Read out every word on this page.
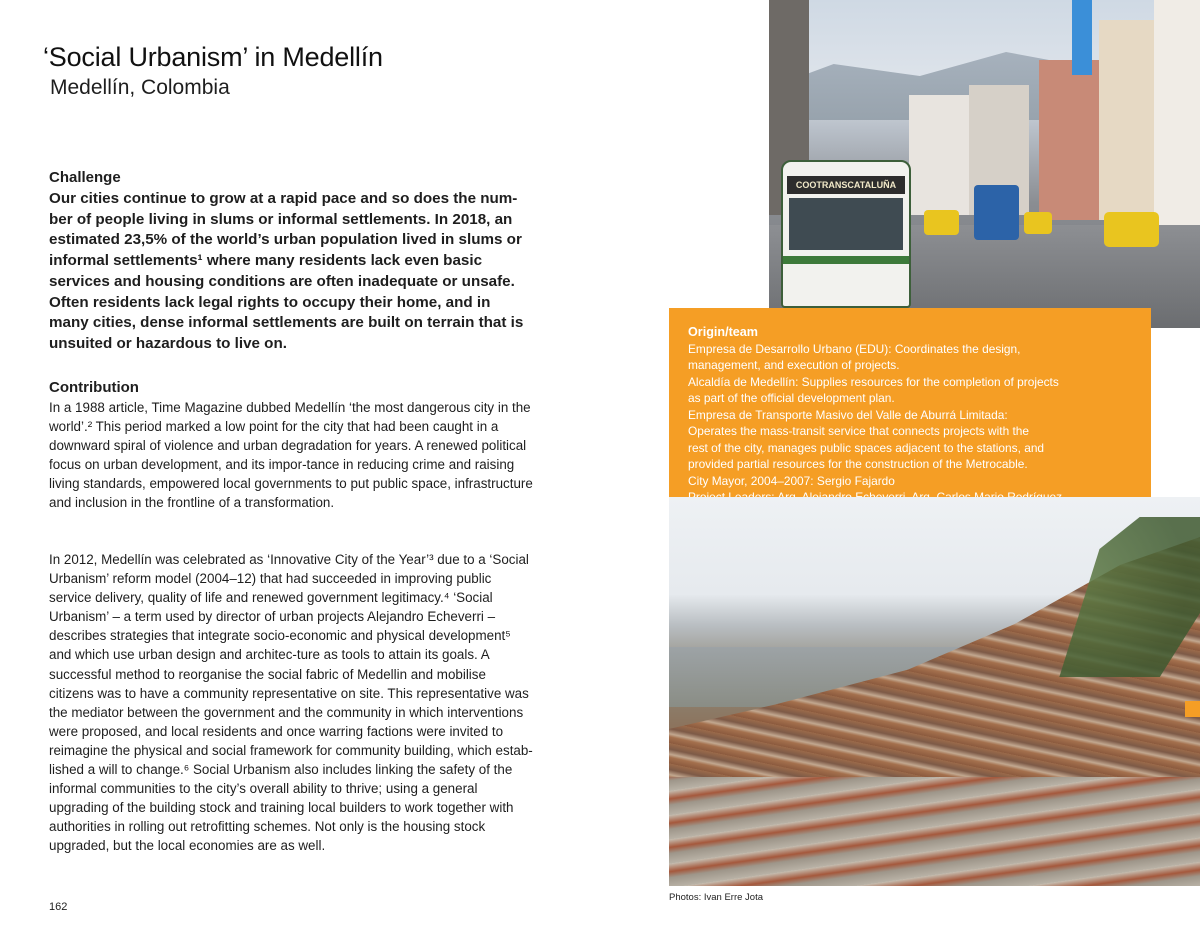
‘Social Urbanism’ in Medellín
Medellín, Colombia
Challenge

Our cities continue to grow at a rapid pace and so does the num-ber of people living in slums or informal settlements. In 2018, an estimated 23,5% of the world’s urban population lived in slums or informal settlements¹ where many residents lack even basic services and housing conditions are often inadequate or unsafe. Often residents lack legal rights to occupy their home, and in many cities, dense informal settlements are built on terrain that is unsuited or hazardous to live on.

Contribution

In a 1988 article, Time Magazine dubbed Medellín ‘the most dangerous city in the world’.² This period marked a low point for the city that had been caught in a downward spiral of violence and urban degradation for years. A renewed political focus on urban development, and its impor-tance in reducing crime and raising living standards, empowered local governments to put public space, infrastructure and inclusion in the frontline of a transformation.

In 2012, Medellín was celebrated as ‘Innovative City of the Year’³ due to a ‘Social Urbanism’ reform model (2004–12) that had succeeded in improving public service delivery, quality of life and renewed government legitimacy.⁴ ‘Social Urbanism’ – a term used by director of urban projects Alejandro Echeverri – describes strategies that integrate socio-economic and physical development⁵ and which use urban design and architec-ture as tools to attain its goals. A successful method to reorganise the social fabric of Medellin and mobilise citizens was to have a community representative on site. This representative was the mediator between the government and the community in which interventions were proposed, and local residents and once warring factions were invited to reimagine the physical and social framework for community building, which estab-lished a will to change.⁶ Social Urbanism also includes linking the safety of the informal communities to the city’s overall ability to thrive; using a general upgrading of the building stock and training local builders to work together with authorities in rolling out retrofitting schemes. Not only is the housing stock upgraded, but the local economies are as well.

162
COOTRANSCATALUÑA
Origin/team
Empresa de Desarrollo Urbano (EDU): Coordinates the design,
management, and execution of projects.
Alcaldía de Medellín: Supplies resources for the completion of projects
as part of the official development plan.
Empresa de Transporte Masivo del Valle de Aburrá Limitada:
Operates the mass-transit service that connects projects with the
rest of the city, manages public spaces adjacent to the stations, and
provided partial resources for the construction of the Metrocable.
City Mayor, 2004–2007: Sergio Fajardo
Photos: Ivan Erre Jota
